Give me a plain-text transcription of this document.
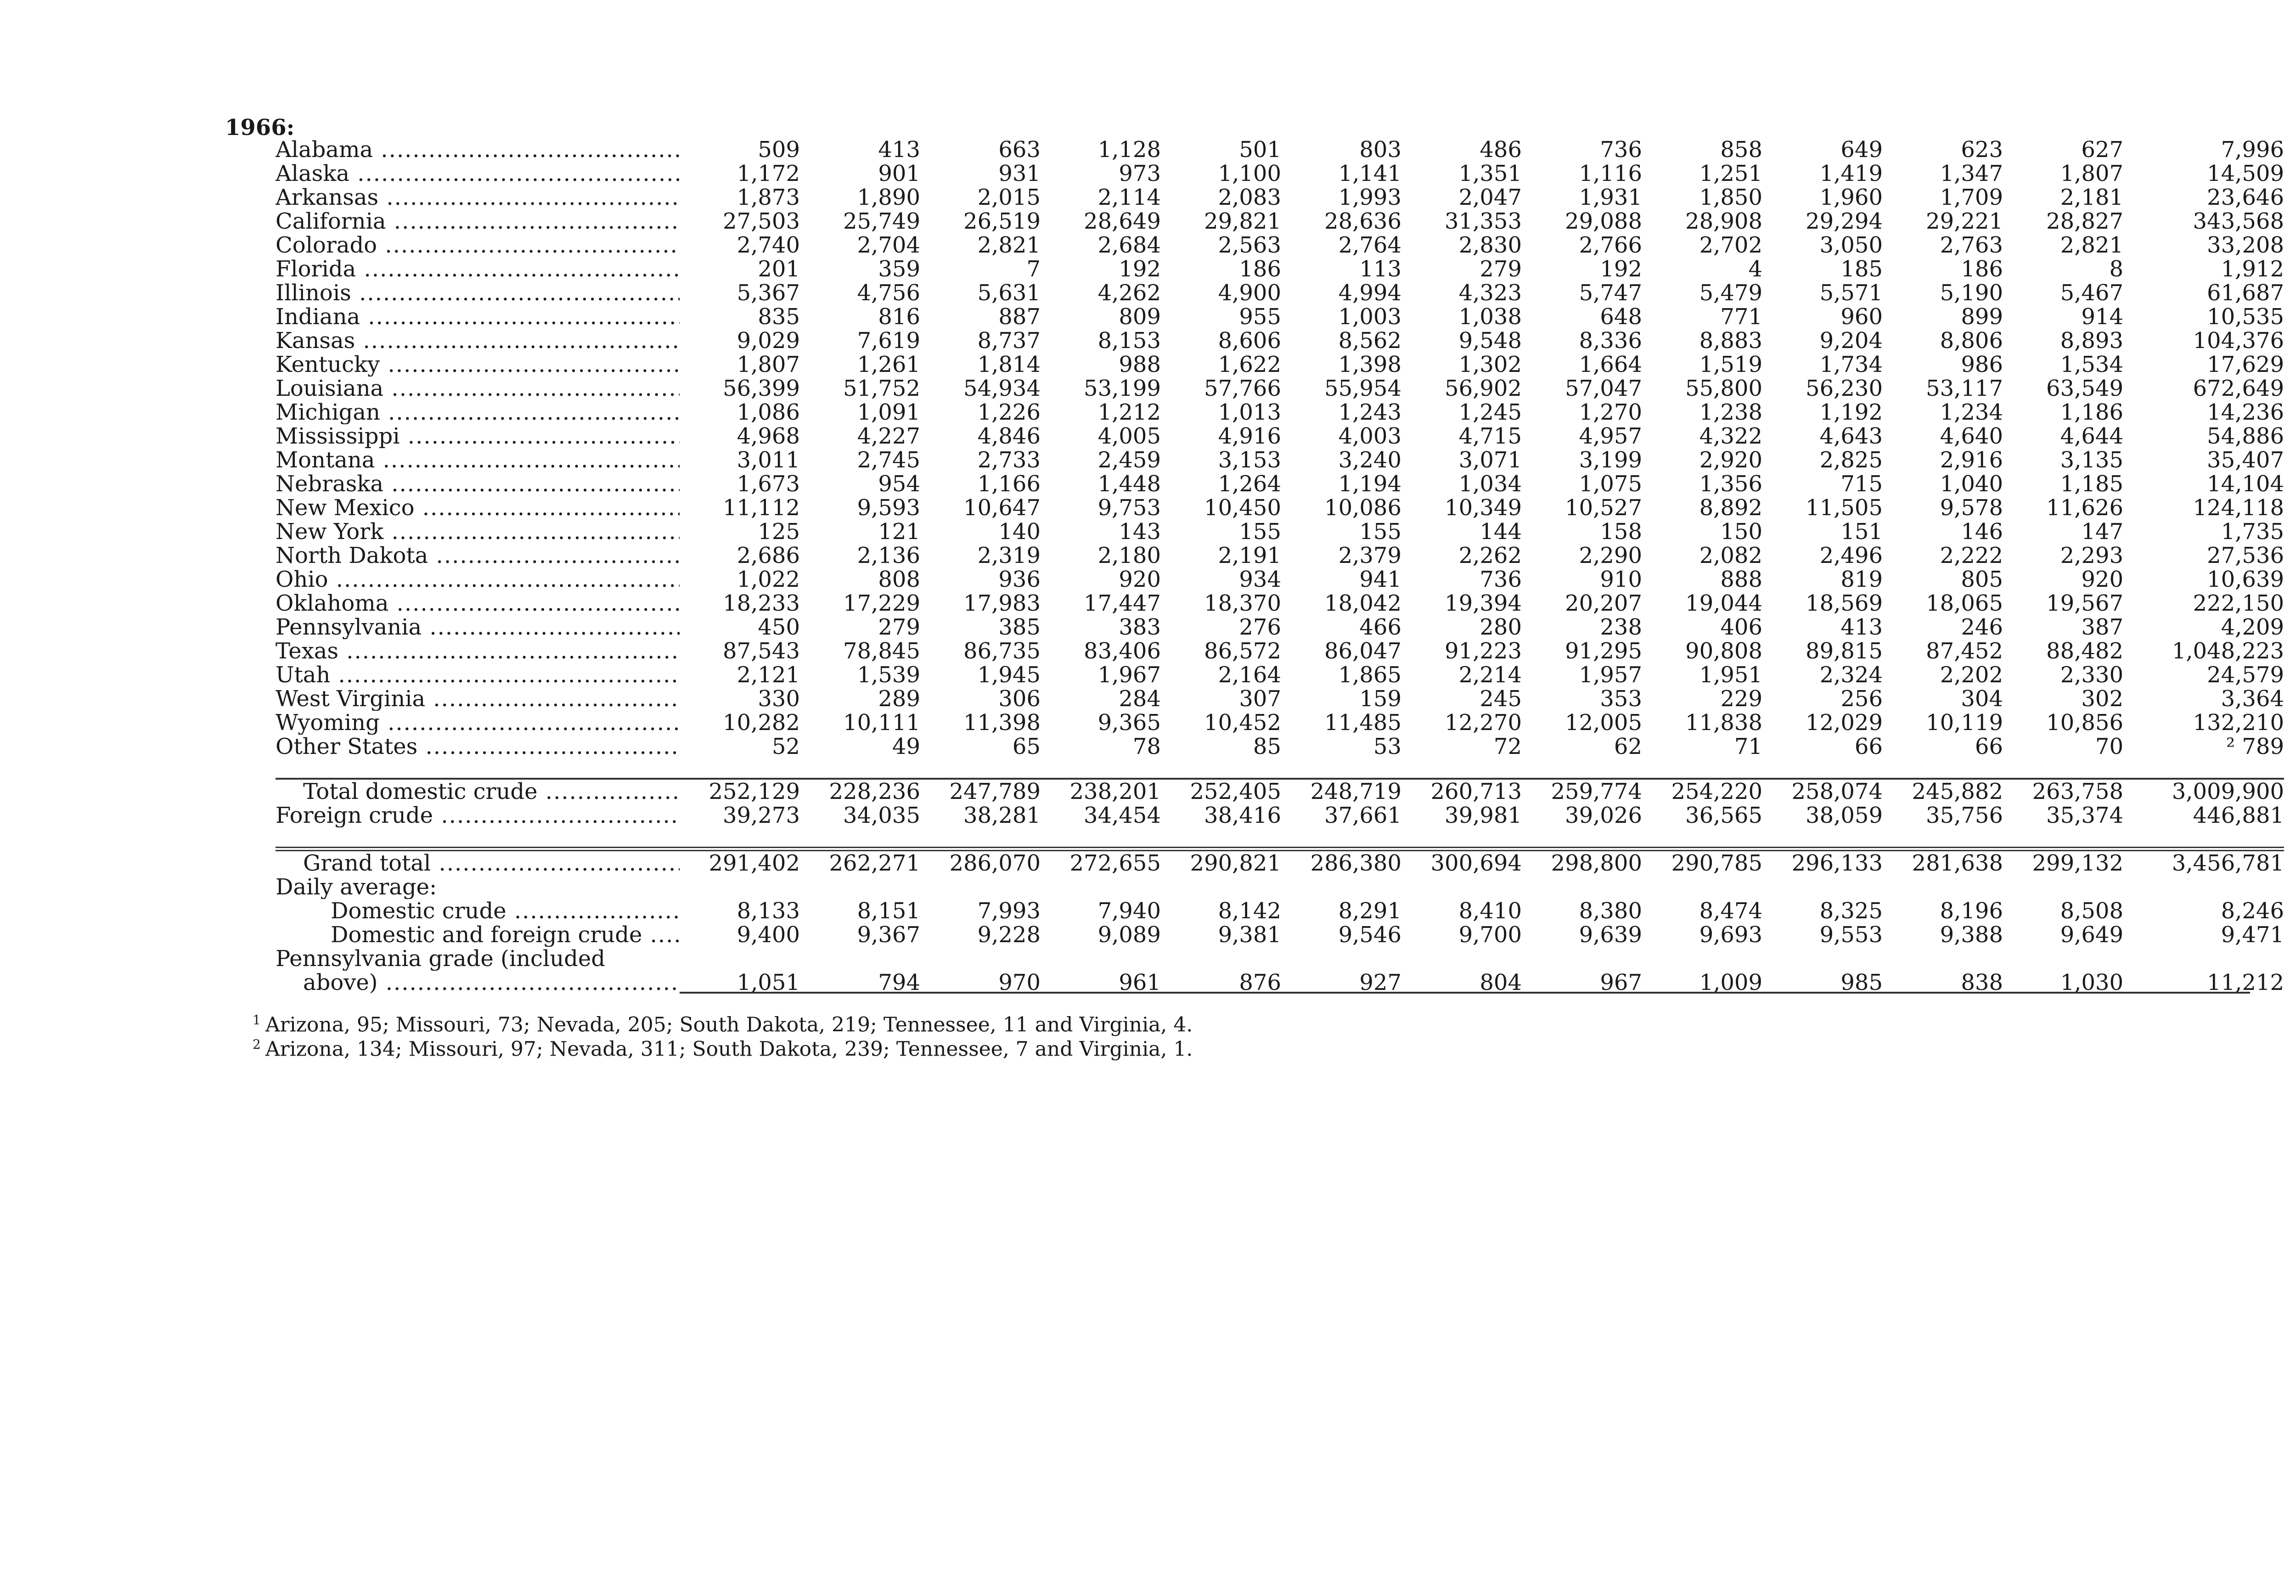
1966:
Alabama .....	509	413	663	1,128	501	803	486	736	858	649	623	627	7,996

Alaska .....	1,172	901	931	973	1,100	1,141	1,351	1,116	1,251	1,419	1,347	1,807	14,509

Arkansas .....	1,873	1,890	2,015	2,114	2,083	1,993	2,047	1,931	1,850	1,960	1,709	2,181	23,646

California .....	27,503	25,749	26,519	28,649	29,821	28,636	31,353	29,088	28,908	29,294	29,221	28,827	343,568

Colorado .....	2,740	2,704	2,821	2,684	2,563	2,764	2,830	2,766	2,702	3,050	2,763	2,821	33,208

Florida .....	201	359	7	192	186	113	279	192	4	185	186	8	1,912

Illinois .....	5,367	4,756	5,631	4,262	4,900	4,994	4,323	5,747	5,479	5,571	5,190	5,467	61,687

Indiana .....	835	816	887	809	955	1,003	1,038	648	771	960	899	914	10,535

Kansas .....	9,029	7,619	8,737	8,153	8,606	8,562	9,548	8,336	8,883	9,204	8,806	8,893	104,376

Kentucky .....	1,807	1,261	1,814	988	1,622	1,398	1,302	1,664	1,519	1,734	986	1,534	17,629

Louisiana .....	56,399	51,752	54,934	53,199	57,766	55,954	56,902	57,047	55,800	56,230	53,117	63,549	672,649

Michigan .....	1,086	1,091	1,226	1,212	1,013	1,243	1,245	1,270	1,238	1,192	1,234	1,186	14,236

Mississippi .....	4,968	4,227	4,846	4,005	4,916	4,003	4,715	4,957	4,322	4,643	4,640	4,644	54,886

Montana .....	3,011	2,745	2,733	2,459	3,153	3,240	3,071	3,199	2,920	2,825	2,916	3,135	35,407

Nebraska .....	1,673	954	1,166	1,448	1,264	1,194	1,034	1,075	1,356	715	1,040	1,185	14,104

New Mexico .....	11,112	9,593	10,647	9,753	10,450	10,086	10,349	10,527	8,892	11,505	9,578	11,626	124,118

New York .....	125	121	140	143	155	155	144	158	150	151	146	147	1,735

North Dakota .....	2,686	2,136	2,319	2,180	2,191	2,379	2,262	2,290	2,082	2,496	2,222	2,293	27,536

Ohio .....	1,022	808	936	920	934	941	736	910	888	819	805	920	10,639

Oklahoma .....	18,233	17,229	17,983	17,447	18,370	18,042	19,394	20,207	19,044	18,569	18,065	19,567	222,150

Pennsylvania .....	450	279	385	383	276	466	280	238	406	413	246	387	4,209

Texas .....	87,543	78,845	86,735	83,406	86,572	86,047	91,223	91,295	90,808	89,815	87,452	88,482	1,048,223

Utah .....	2,121	1,539	1,945	1,967	2,164	1,865	2,214	1,957	1,951	2,324	2,202	2,330	24,579

West Virginia .....	330	289	306	284	307	159	245	353	229	256	304	302	3,364

Wyoming .....	10,282	10,111	11,398	9,365	10,452	11,485	12,270	12,005	11,838	12,029	10,119	10,856	132,210

Other States .....	52	49	65	78	85	53	72	62	71	66	66	70	² 789

Total domestic crude .....	252,129	228,236	247,789	238,201	252,405	248,719	260,713	259,774	254,220	258,074	245,882	263,758	3,009,900

Foreign crude .....	39,273	34,035	38,281	34,454	38,416	37,661	39,981	39,026	36,565	38,059	35,756	35,374	446,881

Grand total .....	291,402	262,271	286,070	272,655	290,821	286,380	300,694	298,800	290,785	296,133	281,638	299,132	3,456,781
Daily average:													

Domestic crude .....	8,133	8,151	7,993	7,940	8,142	8,291	8,410	8,380	8,474	8,325	8,196	8,508	8,246

Domestic and foreign crude .....	9,400	9,367	9,228	9,089	9,381	9,546	9,700	9,639	9,693	9,553	9,388	9,649	9,471
Pennsylvania grade (included													

above) .....	1,051	794	970	961	876	927	804	967	1,009	985	838	1,030	11,212
$^1$ Arizona, 95; Missouri, 73; Nevada, 205; South Dakota, 219; Tennessee, 11 and Virginia, 4.
$^2$ Arizona, 134; Missouri, 97; Nevada, 311; South Dakota, 239; Tennessee, 7 and Virginia, 1.
